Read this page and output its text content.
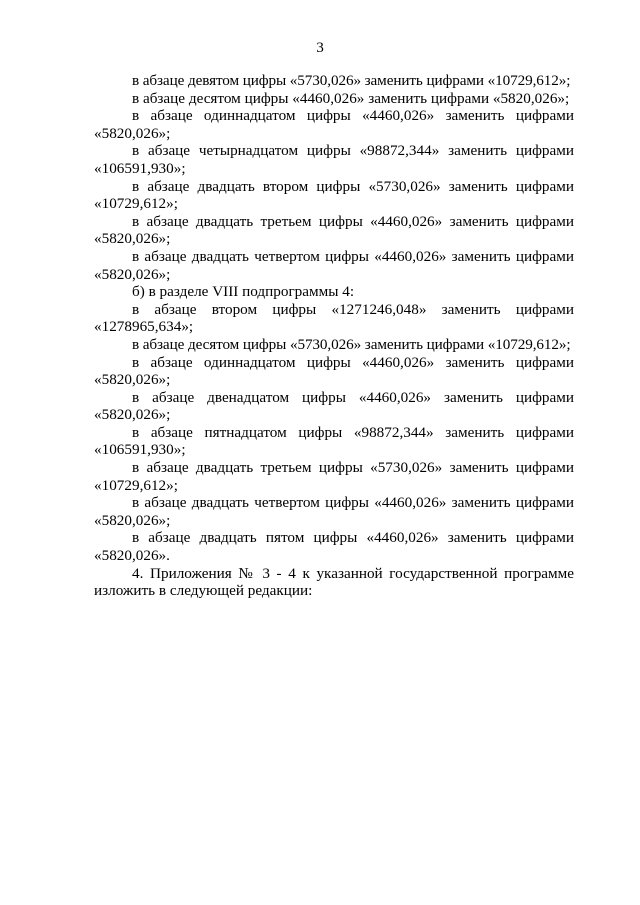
3
в абзаце девятом цифры «5730,026» заменить цифрами «10729,612»;
в абзаце десятом цифры «4460,026» заменить цифрами «5820,026»;
в абзаце одиннадцатом цифры «4460,026» заменить цифрами
«5820,026»;
в абзаце четырнадцатом цифры «98872,344» заменить цифрами
«106591,930»;
в абзаце двадцать втором цифры «5730,026» заменить цифрами
«10729,612»;
в абзаце двадцать третьем цифры «4460,026» заменить цифрами
«5820,026»;
в абзаце двадцать четвертом цифры «4460,026» заменить цифрами
«5820,026»;
б) в разделе VIII подпрограммы 4:
в абзаце втором цифры «1271246,048» заменить цифрами
«1278965,634»;
в абзаце десятом цифры «5730,026» заменить цифрами «10729,612»;
в абзаце одиннадцатом цифры «4460,026» заменить цифрами
«5820,026»;
в абзаце двенадцатом цифры «4460,026» заменить цифрами
«5820,026»;
в абзаце пятнадцатом цифры «98872,344» заменить цифрами
«106591,930»;
в абзаце двадцать третьем цифры «5730,026» заменить цифрами
«10729,612»;
в абзаце двадцать четвертом цифры «4460,026» заменить цифрами
«5820,026»;
в абзаце двадцать пятом цифры «4460,026» заменить цифрами
«5820,026».
4. Приложения № 3 - 4 к указанной государственной программе
изложить в следующей редакции:
